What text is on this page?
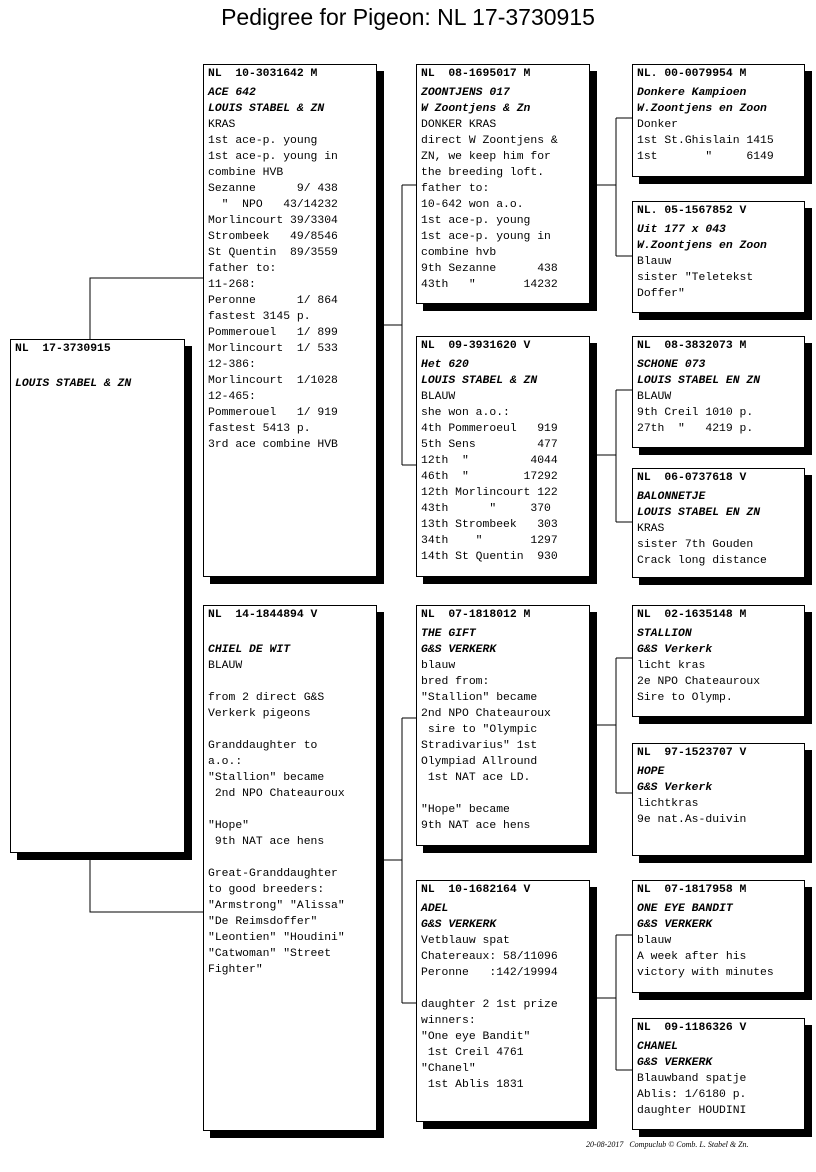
Pedigree for Pigeon: NL 17-3730915
NL  17-3730915
LOUIS STABEL & ZN
NL  10-3031642 M
ACE 642
LOUIS STABEL & ZN
KRAS
1st ace-p. young
1st ace-p. young in
combine HVB
Sezanne      9/ 438
"  NPO   43/14232
Morlincourt 39/3304
Strombeek   49/8546
St Quentin  89/3559
father to:
11-268:
Peronne      1/ 864
fastest 3145 p.
Pommerouel   1/ 899
Morlincourt  1/ 533
12-386:
Morlincourt  1/1028
12-465:
Pommerouel   1/ 919
fastest 5413 p.
3rd ace combine HVB
NL  14-1844894 V
CHIEL DE WIT
BLAUW
from 2 direct G&S
Verkerk pigeons
Granddaughter to
a.o.:
"Stallion" became
2nd NPO Chateauroux
"Hope"
9th NAT ace hens
Great-Granddaughter
to good breeders:
"Armstrong" "Alissa"
"De Reimsdoffer"
"Leontien" "Houdini"
"Catwoman" "Street
Fighter"
NL  08-1695017 M
ZOONTJENS 017
W Zoontjens & Zn
DONKER KRAS
direct W Zoontjens &
ZN, we keep him for
the breeding loft.
father to:
10-642 won a.o.
1st ace-p. young
1st ace-p. young in
combine hvb
9th Sezanne      438
43th   "       14232
NL  09-3931620 V
Het 620
LOUIS STABEL & ZN
BLAUW
she won a.o.:
4th Pommeroeul   919
5th Sens         477
12th  "         4044
46th  "        17292
12th Morlincourt 122
43th      "     370
13th Strombeek   303
34th    "       1297
14th St Quentin  930
NL  07-1818012 M
THE GIFT
G&S VERKERK
blauw
bred from:
"Stallion" became
2nd NPO Chateauroux
sire to "Olympic
Stradivarius" 1st
Olympiad Allround
1st NAT ace LD.
"Hope" became
9th NAT ace hens
NL  10-1682164 V
ADEL
G&S VERKERK
Vetblauw spat
Chatereaux: 58/11096
Peronne   :142/19994
daughter 2 1st prize
winners:
"One eye Bandit"
1st Creil 4761
"Chanel"
1st Ablis 1831
NL. 00-0079954 M
Donkere Kampioen
W.Zoontjens en Zoon
Donker
1st St.Ghislain 1415
1st       "     6149
NL. 05-1567852 V
Uit 177 x 043
W.Zoontjens en Zoon
Blauw
sister "Teletekst
Doffer"
NL  08-3832073 M
SCHONE 073
LOUIS STABEL EN ZN
BLAUW
9th Creil 1010 p.
27th  "   4219 p.
NL  06-0737618 V
BALONNETJE
LOUIS STABEL EN ZN
KRAS
sister 7th Gouden
Crack long distance
NL  02-1635148 M
STALLION
G&S Verkerk
licht kras
2e NPO Chateauroux
Sire to Olymp.
NL  97-1523707 V
HOPE
G&S Verkerk
lichtkras
9e nat.As-duivin
NL  07-1817958 M
ONE EYE BANDIT
G&S VERKERK
blauw
A week after his
victory with minutes
NL  09-1186326 V
CHANEL
G&S VERKERK
Blauwband spatje
Ablis: 1/6180 p.
daughter HOUDINI
20-08-2017   Compuclub © Comb. L. Stabel & Zn.
